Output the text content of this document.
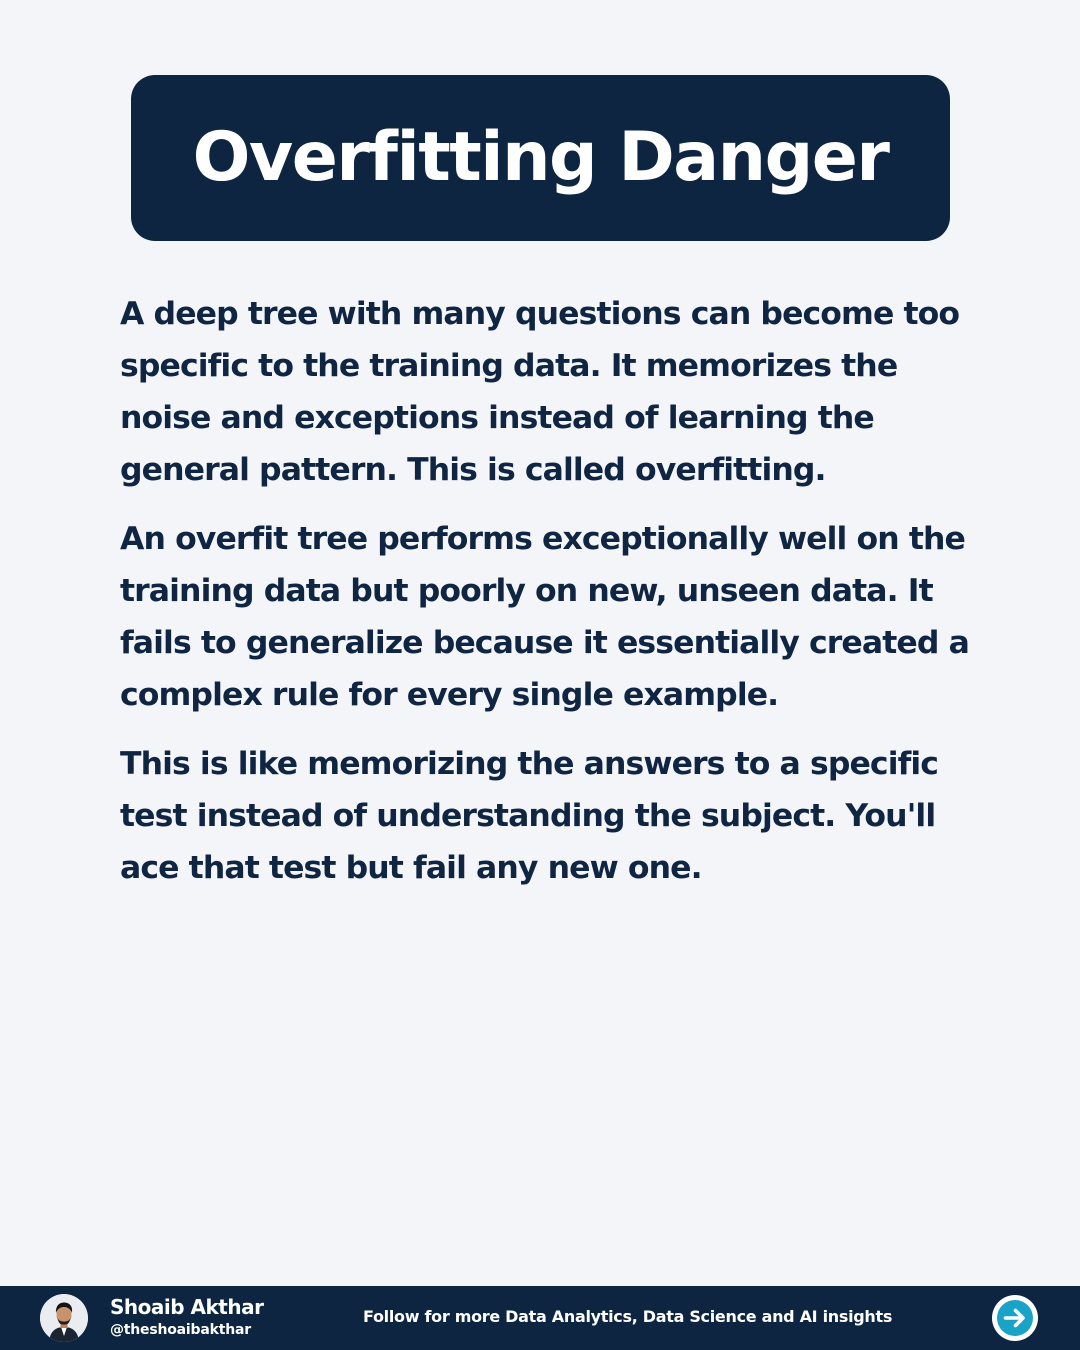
Overfitting Danger

A deep tree with many questions can become too specific to the training data. It memorizes the noise and exceptions instead of learning the general pattern. This is called overfitting.

An overfit tree performs exceptionally well on the training data but poorly on new, unseen data. It fails to generalize because it essentially created a complex rule for every single example.

This is like memorizing the answers to a specific test instead of understanding the subject. You'll ace that test but fail any new one.

Shoaib Akthar
@theshoaibakthar
Follow for more Data Analytics, Data Science and AI insights
